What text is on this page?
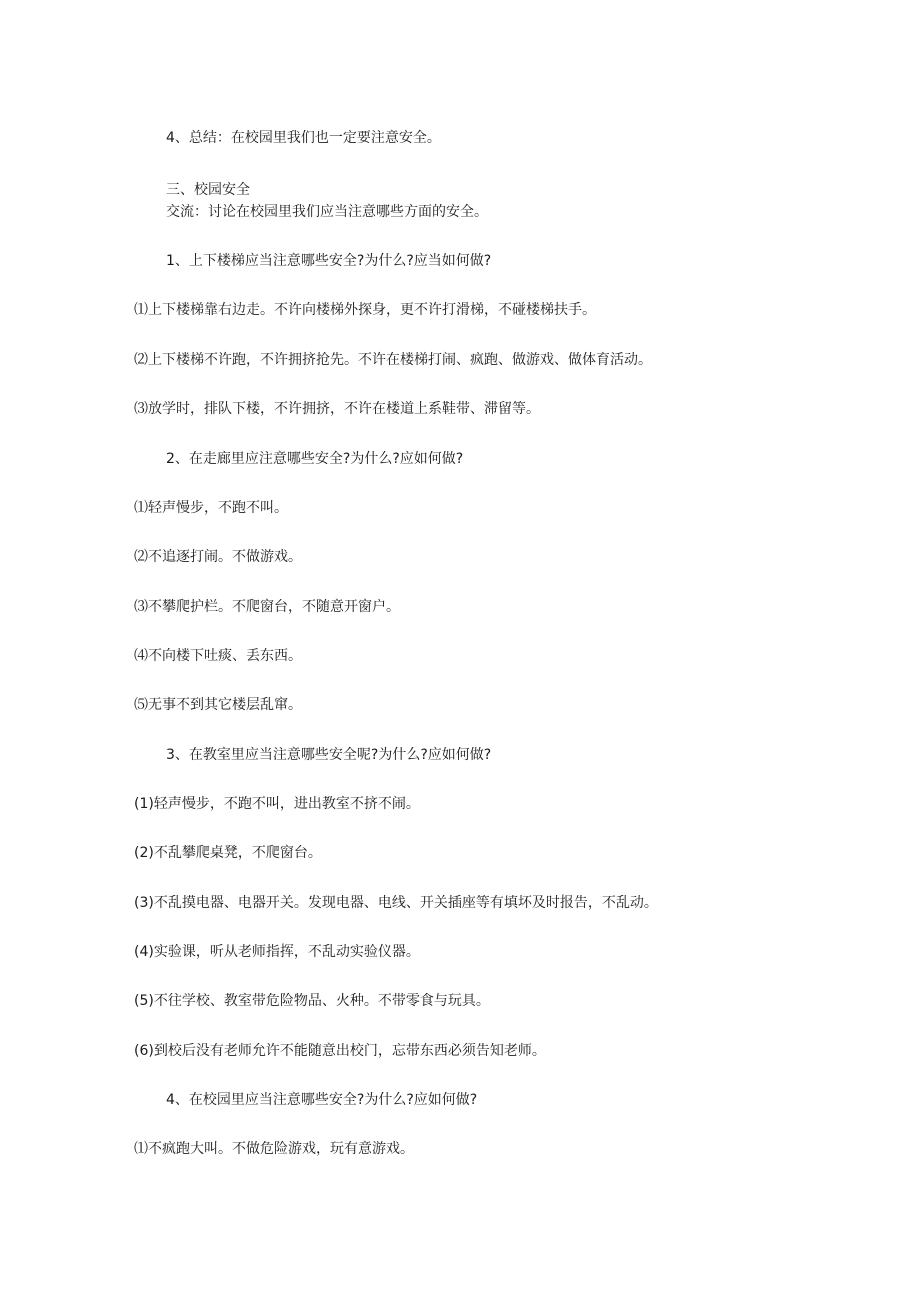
4、总结：在校园里我们也一定要注意安全。
三、校园安全
交流：讨论在校园里我们应当注意哪些方面的安全。
1、上下楼梯应当注意哪些安全?为什么?应当如何做?
⑴上下楼梯靠右边走。不许向楼梯外探身，更不许打滑梯，不碰楼梯扶手。
⑵上下楼梯不许跑，不许拥挤抢先。不许在楼梯打闹、疯跑、做游戏、做体育活动。
⑶放学时，排队下楼，不许拥挤，不许在楼道上系鞋带、滞留等。
2、在走廊里应注意哪些安全?为什么?应如何做?
⑴轻声慢步，不跑不叫。
⑵不追逐打闹。不做游戏。
⑶不攀爬护栏。不爬窗台，不随意开窗户。
⑷不向楼下吐痰、丢东西。
⑸无事不到其它楼层乱窜。
3、在教室里应当注意哪些安全呢?为什么?应如何做?
(1)轻声慢步，不跑不叫，进出教室不挤不闹。
(2)不乱攀爬桌凳，不爬窗台。
(3)不乱摸电器、电器开关。发现电器、电线、开关插座等有填坏及时报告，不乱动。
(4)实验课，听从老师指挥，不乱动实验仪器。
(5)不往学校、教室带危险物品、火种。不带零食与玩具。
(6)到校后没有老师允许不能随意出校门，忘带东西必须告知老师。
4、在校园里应当注意哪些安全?为什么?应如何做?
⑴不疯跑大叫。不做危险游戏，玩有意游戏。
